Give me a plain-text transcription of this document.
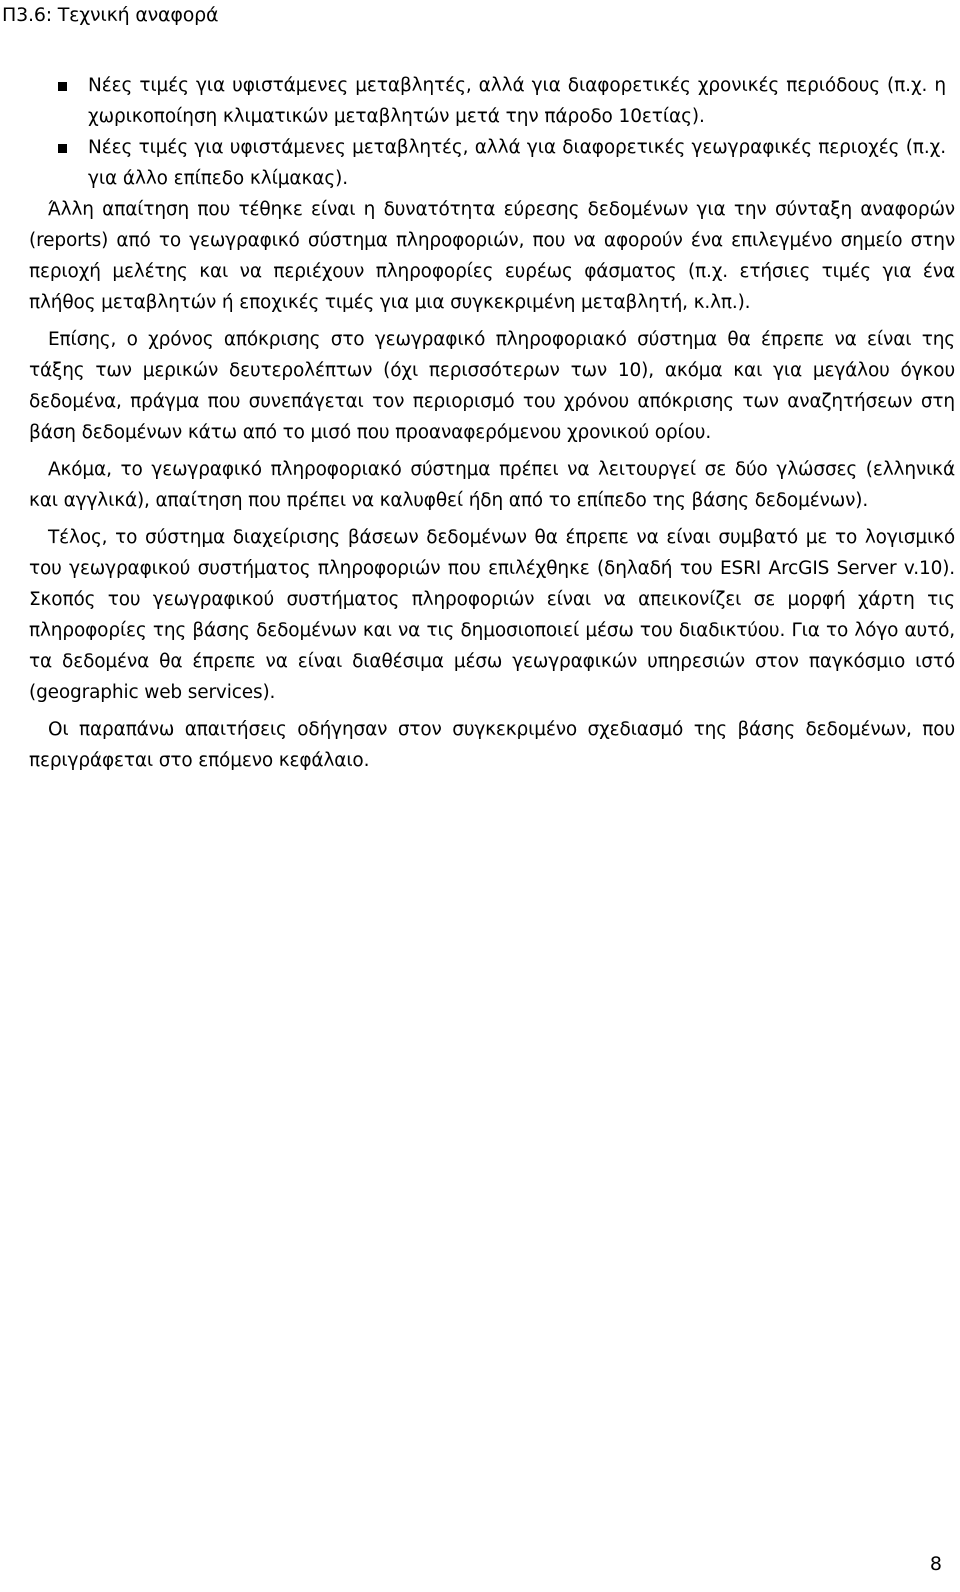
Π3.6: Τεχνική αναφορά
Νέες τιμές για υφιστάμενες μεταβλητές, αλλά για διαφορετικές χρονικές περιόδους (π.χ. η χωρικοποίηση κλιματικών μεταβλητών μετά την πάροδο 10ετίας).
Νέες τιμές για υφιστάμενες μεταβλητές, αλλά για διαφορετικές γεωγραφικές περιοχές (π.χ. για άλλο επίπεδο κλίμακας).

Άλλη απαίτηση που τέθηκε είναι η δυνατότητα εύρεσης δεδομένων για την σύνταξη αναφορών (reports) από το γεωγραφικό σύστημα πληροφοριών, που να αφορούν ένα επιλεγμένο σημείο στην περιοχή μελέτης και να περιέχουν πληροφορίες ευρέως φάσματος (π.χ. ετήσιες τιμές για ένα πλήθος μεταβλητών ή εποχικές τιμές για μια συγκεκριμένη μεταβλητή, κ.λπ.).

Επίσης, ο χρόνος απόκρισης στο γεωγραφικό πληροφοριακό σύστημα θα έπρεπε να είναι της τάξης των μερικών δευτερολέπτων (όχι περισσότερων των 10), ακόμα και για μεγάλου όγκου δεδομένα, πράγμα που συνεπάγεται τον περιορισμό του χρόνου απόκρισης των αναζητήσεων στη βάση δεδομένων κάτω από το μισό που προαναφερόμενου χρονικού ορίου.

Ακόμα, το γεωγραφικό πληροφοριακό σύστημα πρέπει να λειτουργεί σε δύο γλώσσες (ελληνικά και αγγλικά), απαίτηση που πρέπει να καλυφθεί ήδη από το επίπεδο της βάσης δεδομένων).

Τέλος, το σύστημα διαχείρισης βάσεων δεδομένων θα έπρεπε να είναι συμβατό με το λογισμικό του γεωγραφικού συστήματος πληροφοριών που επιλέχθηκε (δηλαδή του ESRI ArcGIS Server v.10). Σκοπός του γεωγραφικού συστήματος πληροφοριών είναι να απεικονίζει σε μορφή χάρτη τις πληροφορίες της βάσης δεδομένων και να τις δημοσιοποιεί μέσω του διαδικτύου. Για το λόγο αυτό, τα δεδομένα θα έπρεπε να είναι διαθέσιμα μέσω γεωγραφικών υπηρεσιών στον παγκόσμιο ιστό (geographic web services).

Οι παραπάνω απαιτήσεις οδήγησαν στον συγκεκριμένο σχεδιασμό της βάσης δεδομένων, που περιγράφεται στο επόμενο κεφάλαιο.

8
